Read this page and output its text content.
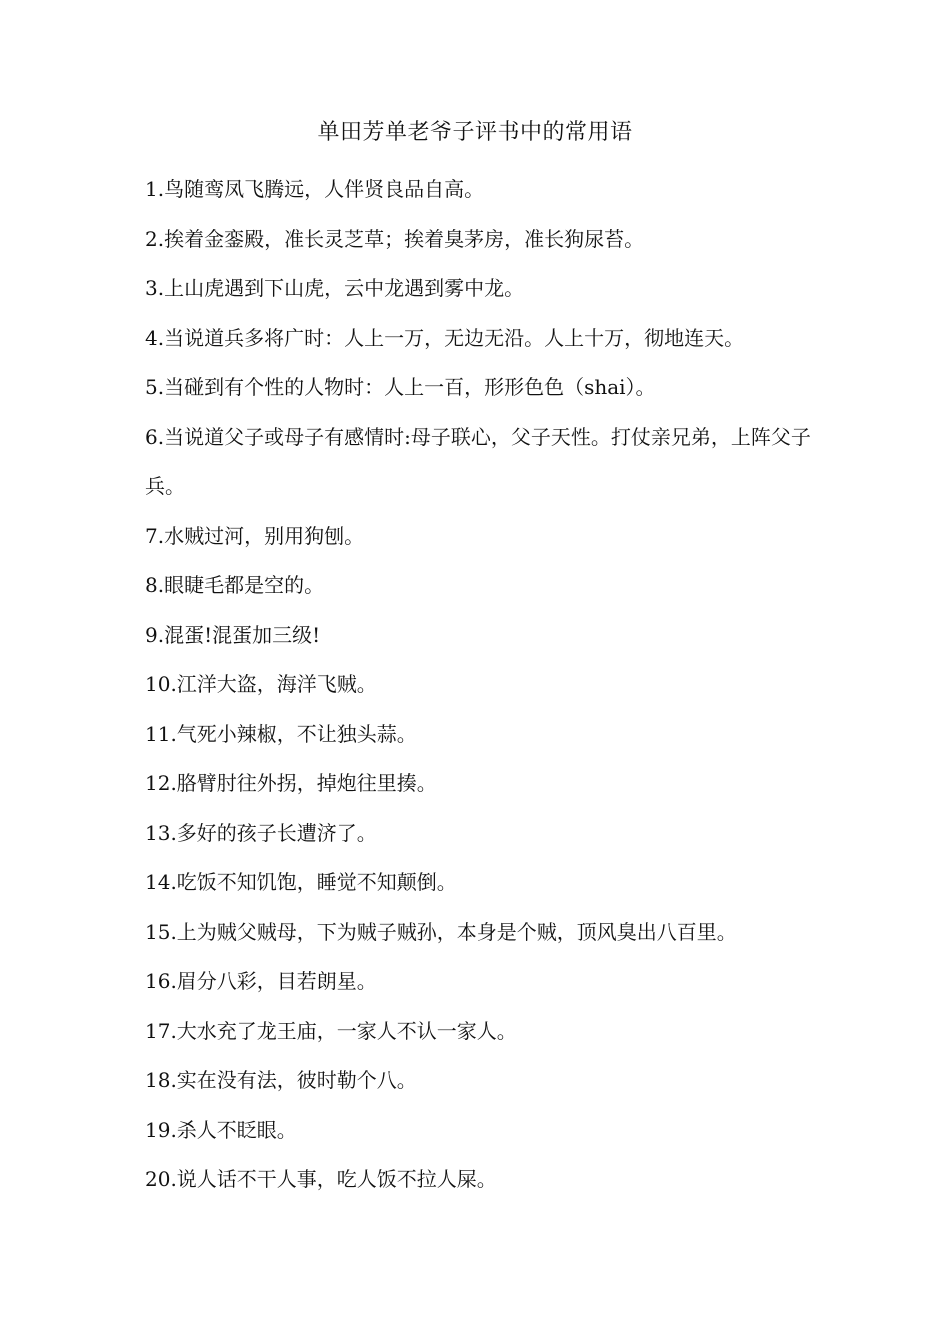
单田芳单老爷子评书中的常用语
1.鸟随鸾凤飞腾远，人伴贤良品自高。
2.挨着金銮殿，准长灵芝草；挨着臭茅房，准长狗尿苔。
3.上山虎遇到下山虎，云中龙遇到雾中龙。
4.当说道兵多将广时：人上一万，无边无沿。人上十万，彻地连天。
5.当碰到有个性的人物时：人上一百，形形色色（shai）。
6.当说道父子或母子有感情时:母子联心，父子天性。打仗亲兄弟，上阵父子兵。
7.水贼过河，别用狗刨。
8.眼睫毛都是空的。
9.混蛋!混蛋加三级!
10.江洋大盗，海洋飞贼。
11.气死小辣椒，不让独头蒜。
12.胳臂肘往外拐，掉炮往里揍。
13.多好的孩子长遭济了。
14.吃饭不知饥饱，睡觉不知颠倒。
15.上为贼父贼母，下为贼子贼孙，本身是个贼，顶风臭出八百里。
16.眉分八彩，目若朗星。
17.大水充了龙王庙，一家人不认一家人。
18.实在没有法，彼时勒个八。
19.杀人不眨眼。
20.说人话不干人事，吃人饭不拉人屎。
